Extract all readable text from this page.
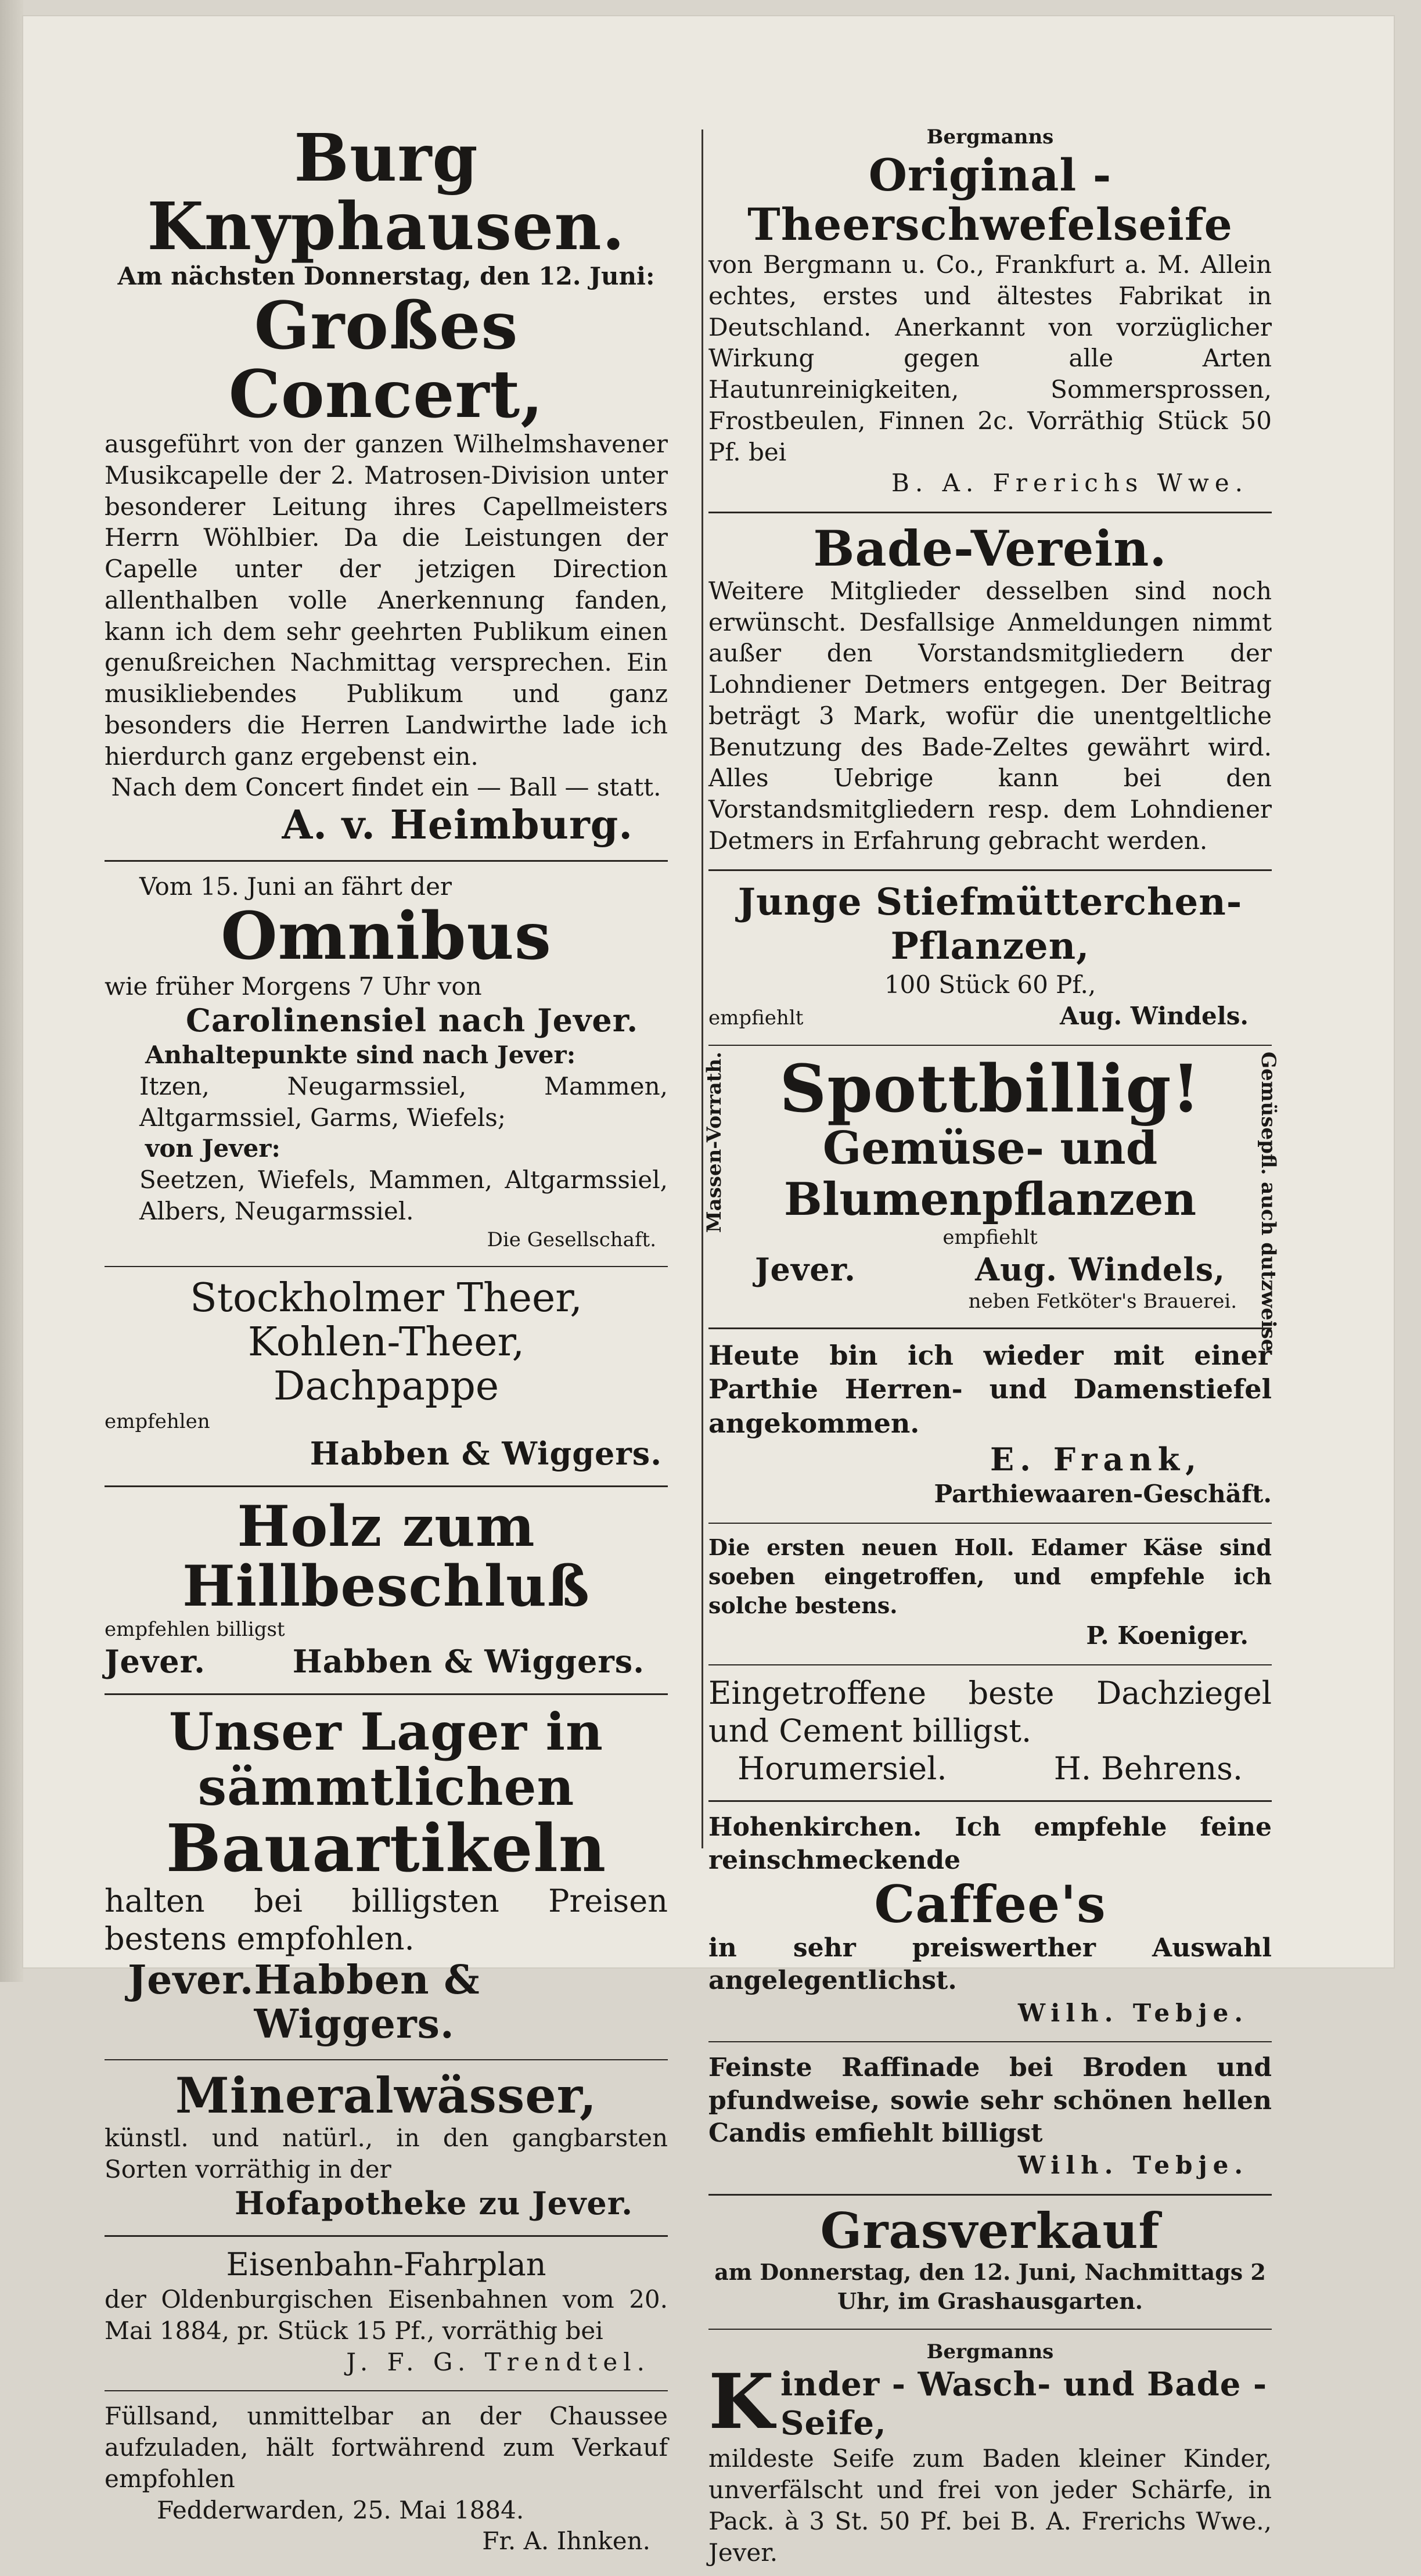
Burg Knyphausen.
Am nächsten Donnerstag, den 12. Juni:
Großes Concert,
ausgeführt von der ganzen Wilhelmshavener Musikcapelle der 2. Matrosen-Division unter besonderer Leitung ihres Capellmeisters Herrn Wöhlbier. Da die Leistungen der Capelle unter der jetzigen Direction allenthalben volle Anerkennung fanden, kann ich dem sehr geehrten Publikum einen genußreichen Nachmittag versprechen. Ein musikliebendes Publikum und ganz besonders die Herren Landwirthe lade ich hierdurch ganz ergebenst ein.
Nach dem Concert findet ein — Ball — statt.
A. v. Heimburg.
Vom 15. Juni an fährt der
Omnibus
wie früher Morgens 7 Uhr von
Carolinensiel nach Jever.
Anhaltepunkte sind nach Jever:
Itzen, Neugarmssiel, Mammen, Altgarmssiel, Garms, Wiefels;
von Jever:
Seetzen, Wiefels, Mammen, Altgarmssiel, Albers, Neugarmssiel.
Die Gesellschaft.
Stockholmer Theer,
Kohlen-Theer,
Dachpappe
empfehlen
Habben & Wiggers.
Holz zum Hillbeschluß
empfehlen billigst
Jever.	Habben & Wiggers.
Unser Lager in sämmtlichen
Bauartikeln
halten bei billigsten Preisen bestens empfohlen.
Jever. Habben & Wiggers.
Mineralwässer,
künstl. und natürl., in den gangbarsten Sorten vorräthig in der
Hofapotheke zu Jever.
Eisenbahn-Fahrplan
der Oldenburgischen Eisenbahnen vom 20. Mai 1884, pr. Stück 15 Pf., vorräthig bei
J. F. G. Trendtel.
Füllsand, unmittelbar an der Chaussee aufzuladen, hält fortwährend zum Verkauf empfohlen
Fedderwarden, 25. Mai 1884.
Fr. A. Ihnken.
Bergmanns
Original - Theerschwefelseife
von Bergmann u. Co., Frankfurt a. M. Allein echtes, erstes und ältestes Fabrikat in Deutschland. Anerkannt von vorzüglicher Wirkung gegen alle Arten Hautunreinigkeiten, Sommersprossen, Frostbeulen, Finnen 2c. Vorräthig Stück 50 Pf. bei
B. A. Frerichs Wwe.
Bade-Verein.
Weitere Mitglieder desselben sind noch erwünscht. Desfallsige Anmeldungen nimmt außer den Vorstandsmitgliedern der Lohndiener Detmers entgegen. Der Beitrag beträgt 3 Mark, wofür die unentgeltliche Benutzung des Bade-Zeltes gewährt wird. Alles Uebrige kann bei den Vorstandsmitgliedern resp. dem Lohndiener Detmers in Erfahrung gebracht werden.
Junge Stiefmütterchen-Pflanzen,
100 Stück 60 Pf.,
empfiehlt	Aug. Windels.
Massen-Vorrath.	Gemüsepfl. auch dutzweise.
Spottbillig!
Gemüse- und
Blumenpflanzen
empfiehlt
Jever.	Aug. Windels,
neben Fetköter's Brauerei.
Heute bin ich wieder mit einer Parthie Herren- und Damenstiefel angekommen.
E. Frank,
Parthiewaaren-Geschäft.
Die ersten neuen Holl. Edamer Käse sind soeben eingetroffen, und empfehle ich solche bestens.
P. Koeniger.
Eingetroffene beste Dachziegel und Cement billigst.
Horumersiel.	H. Behrens.
Hohenkirchen. Ich empfehle feine reinschmeckende
Caffee's
in sehr preiswerther Auswahl angelegentlichst.
Wilh. Tebje.
Feinste Raffinade bei Broden und pfundweise, sowie sehr schönen hellen Candis emfiehlt billigst
Wilh. Tebje.
Grasverkauf
am Donnerstag, den 12. Juni, Nachmittags 2 Uhr, im Grashausgarten.
Bergmanns
K inder - Wasch- und Bade - Seife,
mildeste Seife zum Baden kleiner Kinder, unverfälscht und frei von jeder Schärfe, in Pack. à 3 St. 50 Pf. bei B. A. Frerichs Wwe., Jever.
